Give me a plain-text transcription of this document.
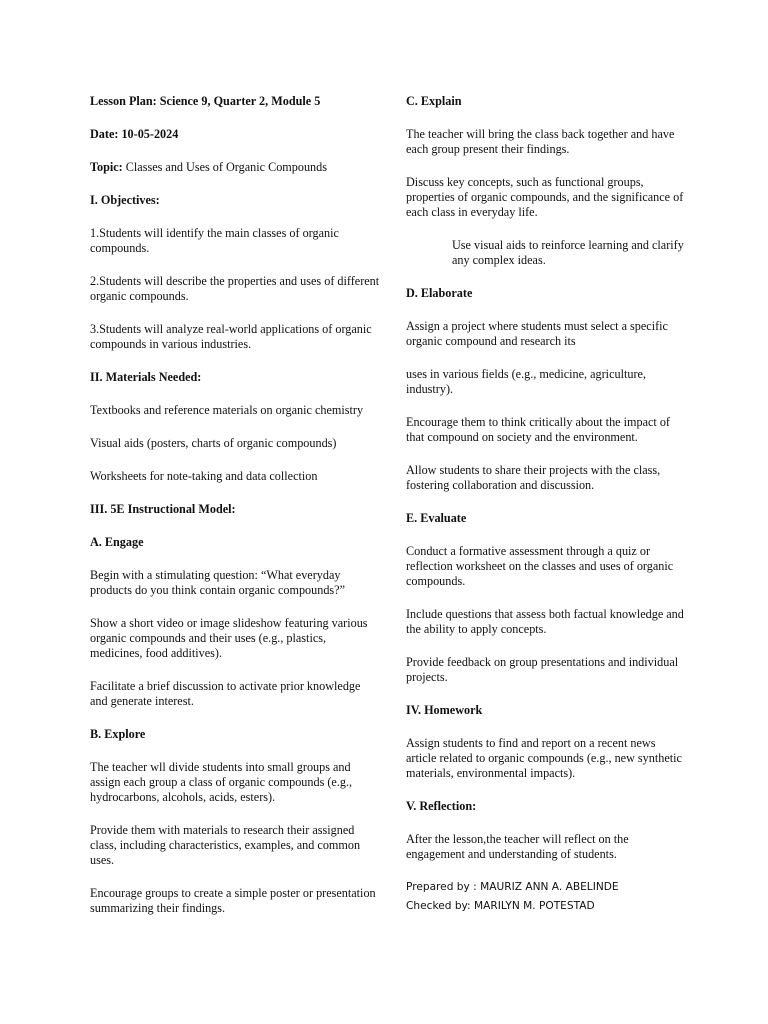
Lesson Plan: Science 9, Quarter 2, Module 5

Date: 10-05-2024

Topic: Classes and Uses of Organic Compounds

I. Objectives:

1.Students will identify the main classes of organic compounds.

2.Students will describe the properties and uses of different organic compounds.

3.Students will analyze real-world applications of organic compounds in various industries.

II. Materials Needed:

Textbooks and reference materials on organic chemistry

Visual aids (posters, charts of organic compounds)

Worksheets for note-taking and data collection

III. 5E Instructional Model:

A. Engage

Begin with a stimulating question: “What everyday products do you think contain organic compounds?”

Show a short video or image slideshow featuring various organic compounds and their uses (e.g., plastics, medicines, food additives).

Facilitate a brief discussion to activate prior knowledge and generate interest.

B. Explore

The teacher wll divide students into small groups and assign each group a class of organic compounds (e.g., hydrocarbons, alcohols, acids, esters).

Provide them with materials to research their assigned class, including characteristics, examples, and common uses.

Encourage groups to create a simple poster or presentation summarizing their findings.

C. Explain

The teacher will bring the class back together and have each group present their findings.

Discuss key concepts, such as functional groups, properties of organic compounds, and the significance of each class in everyday life.

Use visual aids to reinforce learning and clarify any complex ideas.

D. Elaborate

Assign a project where students must select a specific organic compound and research its

uses in various fields (e.g., medicine, agriculture, industry).

Encourage them to think critically about the impact of that compound on society and the environment.

Allow students to share their projects with the class, fostering collaboration and discussion.

E. Evaluate

Conduct a formative assessment through a quiz or reflection worksheet on the classes and uses of organic compounds.

Include questions that assess both factual knowledge and the ability to apply concepts.

Provide feedback on group presentations and individual projects.

IV. Homework

Assign students to find and report on a recent news article related to organic compounds (e.g., new synthetic materials, environmental impacts).

V. Reflection:

After the lesson,the teacher will reflect on the engagement and understanding of students.

Prepared by : MAURIZ ANN A. ABELINDE

Checked by: MARILYN M. POTESTAD
